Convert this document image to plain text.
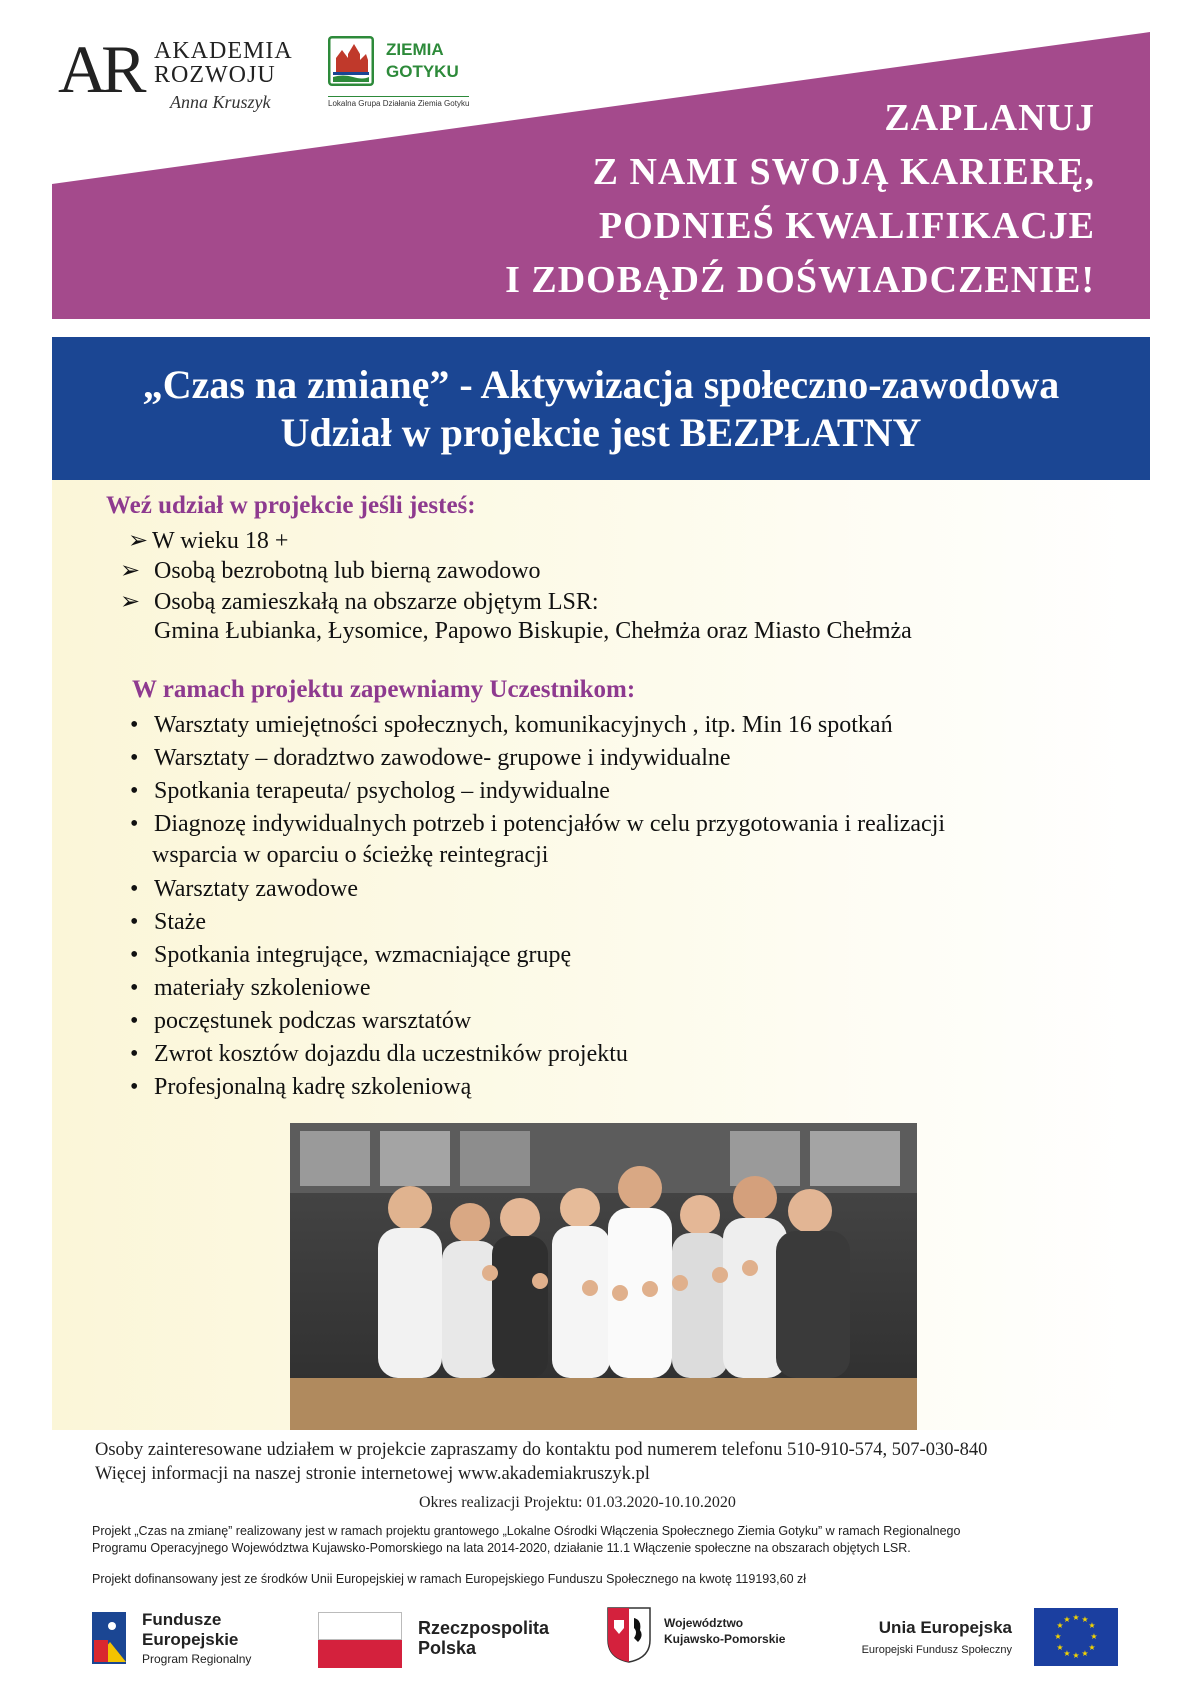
AR AKADEMIA
ROZWOJU
Anna Kruszyk
ZIEMIA
GOTYKU
Lokalna Grupa Działania Ziemia Gotyku	ZAPLANUJ
Z NAMI SWOJĄ KARIERĘ,
PODNIEŚ KWALIFIKACJE
I ZDOBĄDŹ DOŚWIADCZENIE!
„Czas na zmianę” - Aktywizacja społeczno-zawodowa
Udział w projekcie jest BEZPŁATNY
Weź udział w projekcie jeśli jesteś:
➢ W wieku 18 +
➢ Osobą bezrobotną lub bierną zawodowo
➢ Osobą zamieszkałą na obszarze objętym LSR:
Gmina Łubianka, Łysomice, Papowo Biskupie, Chełmża oraz Miasto Chełmża
W ramach projektu zapewniamy Uczestnikom:
• Warsztaty umiejętności społecznych, komunikacyjnych , itp. Min 16 spotkań
• Warsztaty – doradztwo zawodowe- grupowe i indywidualne
• Spotkania terapeuta/ psycholog – indywidualne
• Diagnozę indywidualnych potrzeb i potencjałów w celu przygotowania i realizacji
wsparcia w oparciu o ścieżkę reintegracji
• Warsztaty zawodowe
• Staże
• Spotkania integrujące, wzmacniające grupę
• materiały szkoleniowe
• poczęstunek podczas warsztatów
• Zwrot kosztów dojazdu dla uczestników projektu
• Profesjonalną kadrę szkoleniową
Osoby zainteresowane udziałem w projekcie zapraszamy do kontaktu pod numerem telefonu 510-910-574, 507-030-840
Więcej informacji na naszej stronie internetowej www.akademiakruszyk.pl
Okres realizacji Projektu: 01.03.2020-10.10.2020
Projekt „Czas na zmianę” realizowany jest w ramach projektu grantowego „Lokalne Ośrodki Włączenia Społecznego Ziemia Gotyku” w ramach Regionalnego
Programu Operacyjnego Województwa Kujawsko-Pomorskiego na lata 2014-2020, działanie 11.1 Włączenie społeczne na obszarach objętych LSR.
Projekt dofinansowany jest ze środków Unii Europejskiej w ramach Europejskiego Funduszu Społecznego na kwotę 119193,60 zł
Fundusze
Europejskie
Program Regionalny
Rzeczpospolita
Polska
Województwo
Kujawsko-Pomorskie
Unia Europejska
Europejski Fundusz Społeczny
★ ★
★
★
★
★
★
★
★
★
★
★
